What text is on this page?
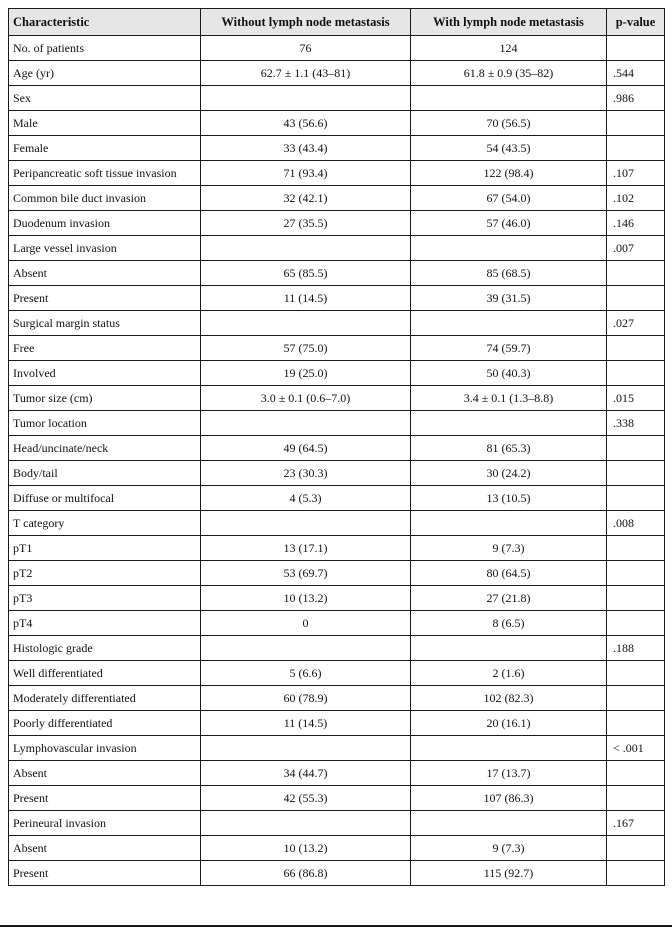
Characteristic	Without lymph node metastasis	With lymph node metastasis	p-value
No. of patients	76	124	
Age (yr)	62.7 ± 1.1 (43–81)	61.8 ± 0.9 (35–82)	.544
Sex			.986
Male	43 (56.6)	70 (56.5)	
Female	33 (43.4)	54 (43.5)	
Peripancreatic soft tissue invasion	71 (93.4)	122 (98.4)	.107
Common bile duct invasion	32 (42.1)	67 (54.0)	.102
Duodenum invasion	27 (35.5)	57 (46.0)	.146
Large vessel invasion			.007
Absent	65 (85.5)	85 (68.5)	
Present	11 (14.5)	39 (31.5)	
Surgical margin status			.027
Free	57 (75.0)	74 (59.7)	
Involved	19 (25.0)	50 (40.3)	
Tumor size (cm)	3.0 ± 0.1 (0.6–7.0)	3.4 ± 0.1 (1.3–8.8)	.015
Tumor location			.338
Head/uncinate/neck	49 (64.5)	81 (65.3)	
Body/tail	23 (30.3)	30 (24.2)	
Diffuse or multifocal	4 (5.3)	13 (10.5)	
T category			.008
pT1	13 (17.1)	9 (7.3)	
pT2	53 (69.7)	80 (64.5)	
pT3	10 (13.2)	27 (21.8)	
pT4	0	8 (6.5)	
Histologic grade			.188
Well differentiated	5 (6.6)	2 (1.6)	
Moderately differentiated	60 (78.9)	102 (82.3)	
Poorly differentiated	11 (14.5)	20 (16.1)	
Lymphovascular invasion			< .001
Absent	34 (44.7)	17 (13.7)	
Present	42 (55.3)	107 (86.3)	
Perineural invasion			.167
Absent	10 (13.2)	9 (7.3)	
Present	66 (86.8)	115 (92.7)	
